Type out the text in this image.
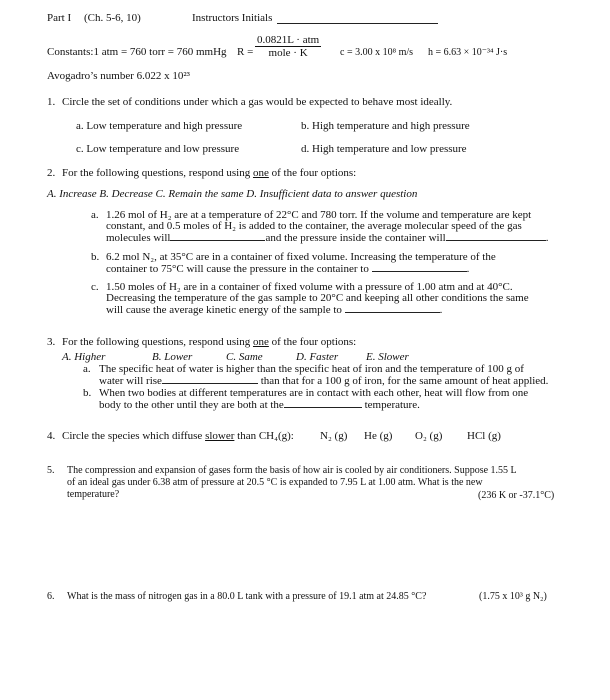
Part I (Ch. 5-6, 10)	Instructors Initials
Constants:1 atm = 760 torr = 760 mmHg $R = \frac{\text{0.0821L · atm}}{\text{mole · K}}$ c = 3.00 x 10⁸ m/s h = 6.63 × 10⁻³⁴ J·s
Avogadro’s number 6.022 x 10²³
1. Circle the set of conditions under which a gas would be expected to behave most ideally.
a. Low temperature and high pressure	b. High temperature and high pressure
c. Low temperature and low pressure	d. High temperature and low pressure
2. For the following questions, respond using one of the four options:
A. Increase B. Decrease C. Remain the same D. Insufficient data to answer question
a. 1.26 mol of H₂ are at a temperature of 22°C and 780 torr. If the volume and temperature are kept
constant, and 0.5 moles of H₂ is added to the container, the average molecular speed of the gas
molecules will	and the pressure inside the container will	.
b. 6.2 mol N₂, at 35°C are in a container of fixed volume. Increasing the temperature of the
container to 75°C will cause the pressure in the container to	.
c. 1.50 moles of H₂ are in a container of fixed volume with a pressure of 1.00 atm and at 40°C.
Decreasing the temperature of the gas sample to 20°C and keeping all other conditions the same
will cause the average kinetic energy of the sample to	.
3. For the following questions, respond using one of the four options:
A. Higher	B. Lower	C. Same	D. Faster	E. Slower
a. The specific heat of water is higher than the specific heat of iron and the temperature of 100 g of
water will rise	than that for a 100 g of iron, for the same amount of heat applied.
b. When two bodies at different temperatures are in contact with each other, heat will flow from one
body to the other until they are both at the	temperature.
4. Circle the species which diffuse slower than CH₄(g): N₂ (g) He (g) O₂ (g) HCl (g)
5. The compression and expansion of gases form the basis of how air is cooled by air conditioners. Suppose 1.55 L
of an ideal gas under 6.38 atm of pressure at 20.5 °C is expanded to 7.95 L at 1.00 atm. What is the new
temperature?	(236 K or -37.1°C)
6. What is the mass of nitrogen gas in a 80.0 L tank with a pressure of 19.1 atm at 24.85 °C?	(1.75 x 10³ g N₂)
